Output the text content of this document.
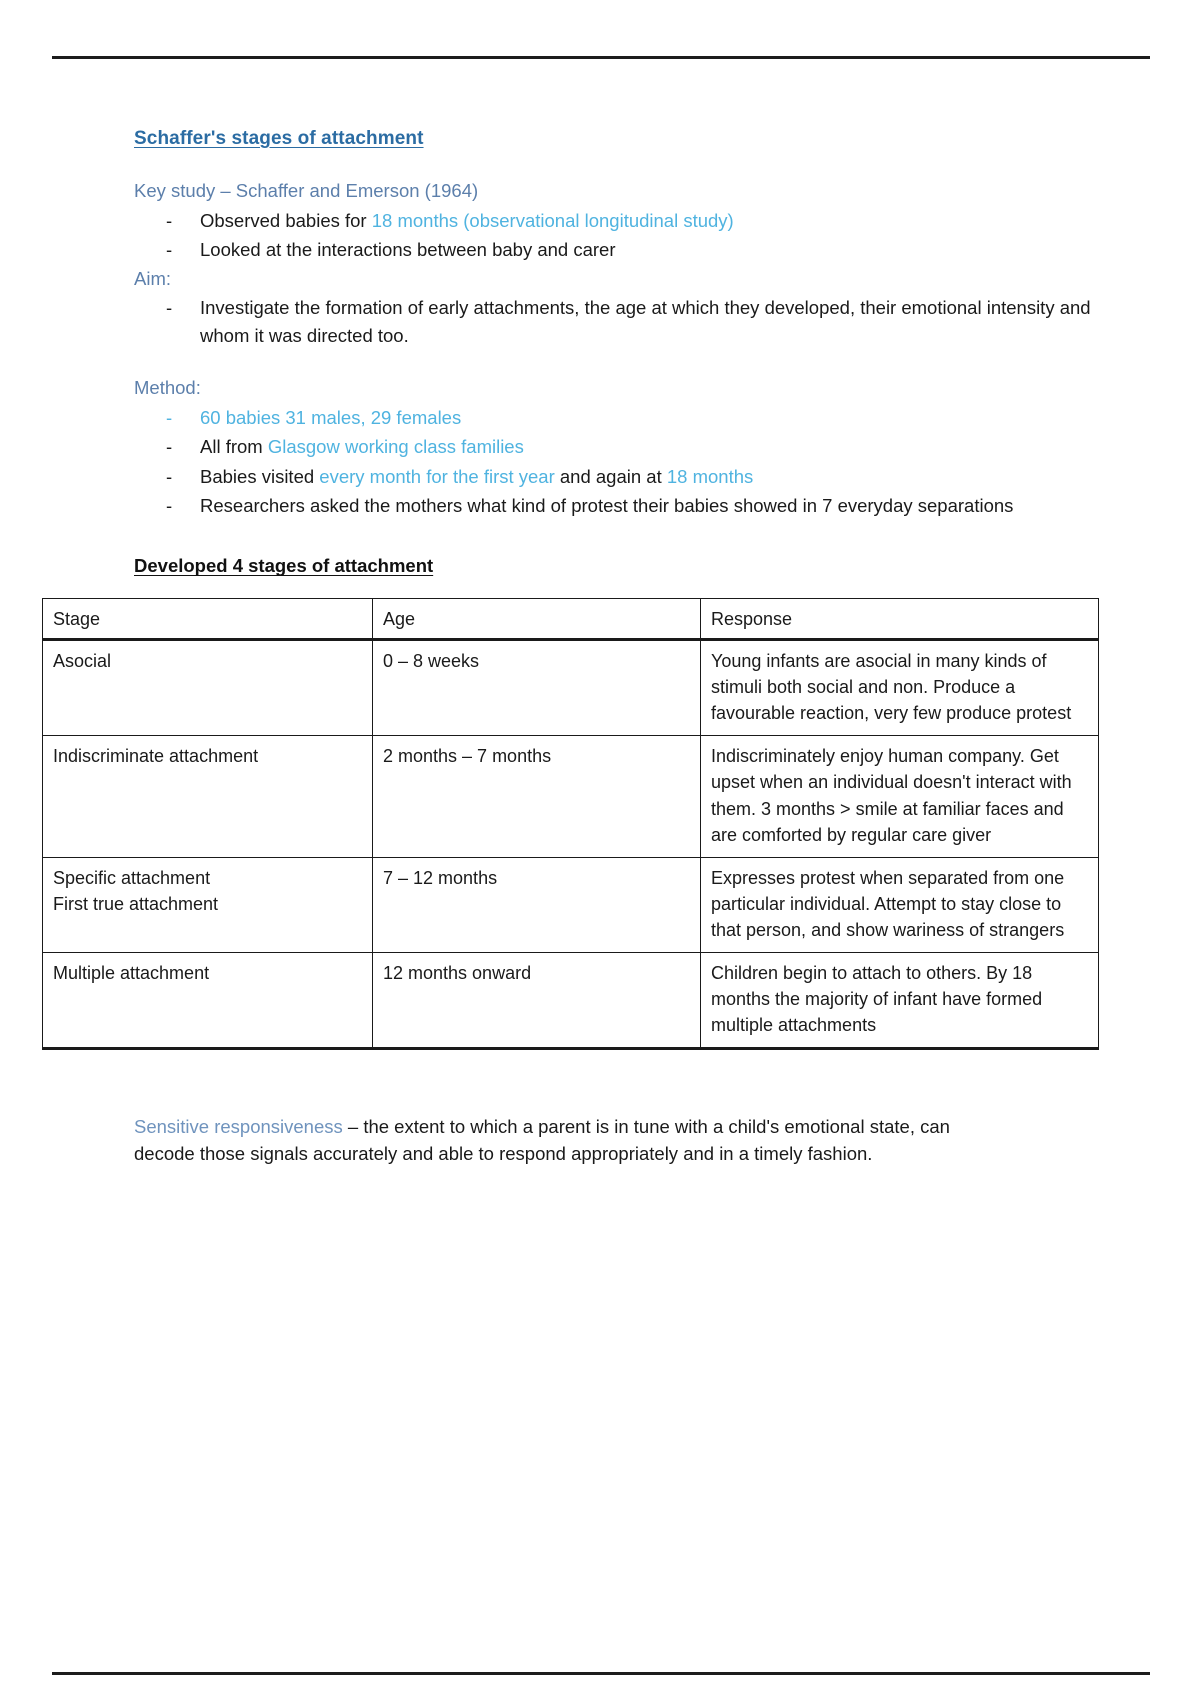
Schaffer's stages of attachment

Key study – Schaffer and Emerson (1964)

- Observed babies for 18 months (observational longitudinal study)
- Looked at the interactions between baby and carer

Aim:

- Investigate the formation of early attachments, the age at which they developed, their emotional intensity and whom it was directed too.

Method:

- 60 babies 31 males, 29 females
- All from Glasgow working class families
- Babies visited every month for the first year and again at 18 months
- Researchers asked the mothers what kind of protest their babies showed in 7 everyday separations

Developed 4 stages of attachment

Stage	Age	Response

Asocial	0 – 8 weeks	Young infants are asocial in many kinds of stimuli both social and non. Produce a favourable reaction, very few produce protest

Indiscriminate attachment	2 months – 7 months	Indiscriminately enjoy human company. Get upset when an individual doesn't interact with them. 3 months > smile at familiar faces and are comforted by regular care giver

Specific attachment
First true attachment	7 – 12 months	Expresses protest when separated from one particular individual. Attempt to stay close to that person, and show wariness of strangers

Multiple attachment	12 months onward	Children begin to attach to others. By 18 months the majority of infant have formed multiple attachments

Sensitive responsiveness – the extent to which a parent is in tune with a child's emotional state, can decode those signals accurately and able to respond appropriately and in a timely fashion.
